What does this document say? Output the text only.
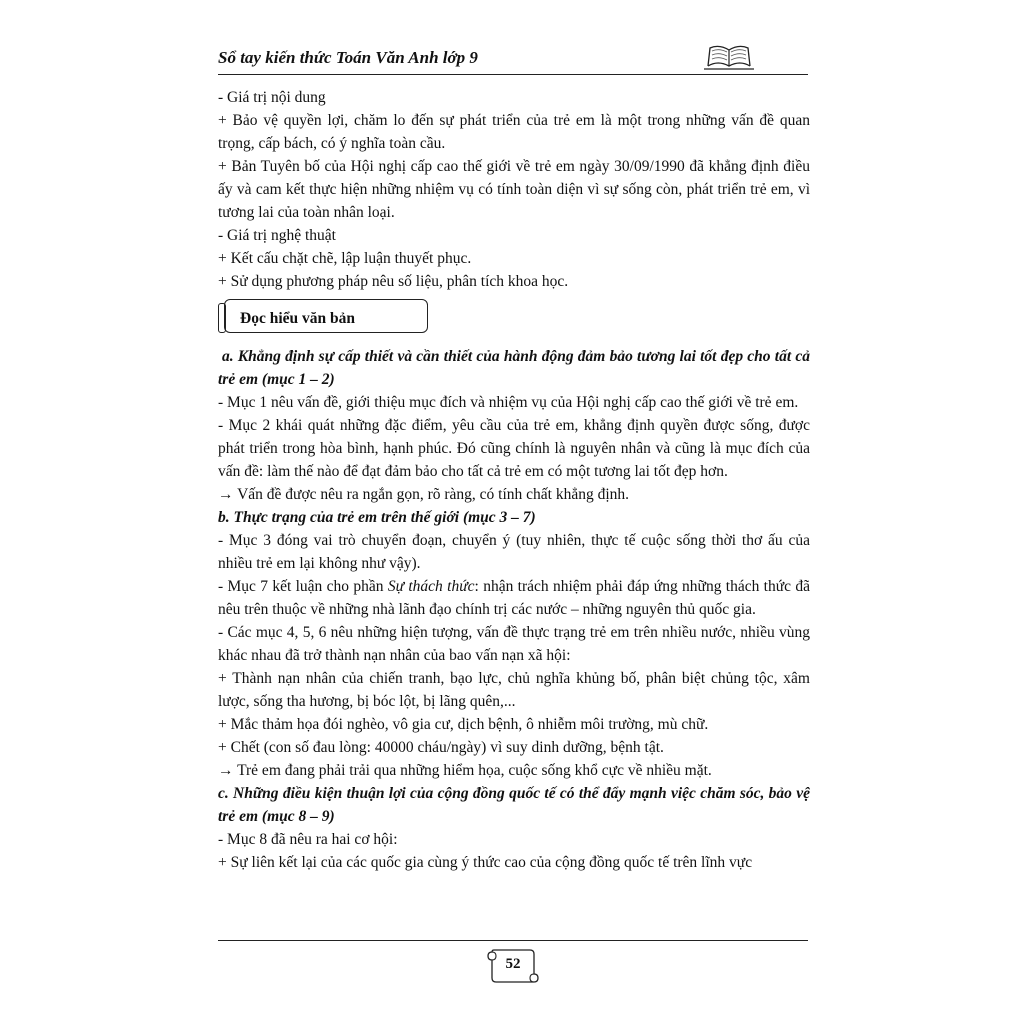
Sổ tay kiến thức Toán Văn Anh lớp 9

- Giá trị nội dung

+ Bảo vệ quyền lợi, chăm lo đến sự phát triển của trẻ em là một trong những vấn đề quan trọng, cấp bách, có ý nghĩa toàn cầu.

+ Bản Tuyên bố của Hội nghị cấp cao thế giới về trẻ em ngày 30/09/1990 đã khẳng định điều ấy và cam kết thực hiện những nhiệm vụ có tính toàn diện vì sự sống còn, phát triển trẻ em, vì tương lai của toàn nhân loại.

- Giá trị nghệ thuật

+ Kết cấu chặt chẽ, lập luận thuyết phục.

+ Sử dụng phương pháp nêu số liệu, phân tích khoa học.

Đọc hiểu văn bản

a. Khẳng định sự cấp thiết và cần thiết của hành động đảm bảo tương lai tốt đẹp cho tất cả trẻ em (mục 1 – 2)

- Mục 1 nêu vấn đề, giới thiệu mục đích và nhiệm vụ của Hội nghị cấp cao thế giới về trẻ em.

- Mục 2 khái quát những đặc điểm, yêu cầu của trẻ em, khẳng định quyền được sống, được phát triển trong hòa bình, hạnh phúc. Đó cũng chính là nguyên nhân và cũng là mục đích của vấn đề: làm thế nào để đạt đảm bảo cho tất cả trẻ em có một tương lai tốt đẹp hơn.

→ Vấn đề được nêu ra ngắn gọn, rõ ràng, có tính chất khẳng định.

b. Thực trạng của trẻ em trên thế giới (mục 3 – 7)

- Mục 3 đóng vai trò chuyển đoạn, chuyển ý (tuy nhiên, thực tế cuộc sống thời thơ ấu của nhiều trẻ em lại không như vậy).

- Mục 7 kết luận cho phần Sự thách thức: nhận trách nhiệm phải đáp ứng những thách thức đã nêu trên thuộc về những nhà lãnh đạo chính trị các nước – những nguyên thủ quốc gia.

- Các mục 4, 5, 6 nêu những hiện tượng, vấn đề thực trạng trẻ em trên nhiều nước, nhiều vùng khác nhau đã trở thành nạn nhân của bao vấn nạn xã hội:

+ Thành nạn nhân của chiến tranh, bạo lực, chủ nghĩa khủng bố, phân biệt chủng tộc, xâm lược, sống tha hương, bị bóc lột, bị lãng quên,...

+ Mắc thảm họa đói nghèo, vô gia cư, dịch bệnh, ô nhiễm môi trường, mù chữ.

+ Chết (con số đau lòng: 40000 cháu/ngày) vì suy dinh dưỡng, bệnh tật.

→ Trẻ em đang phải trải qua những hiểm họa, cuộc sống khổ cực về nhiều mặt.

c. Những điều kiện thuận lợi của cộng đồng quốc tế có thể đẩy mạnh việc chăm sóc, bảo vệ trẻ em (mục 8 – 9)

- Mục 8 đã nêu ra hai cơ hội:

+ Sự liên kết lại của các quốc gia cùng ý thức cao của cộng đồng quốc tế trên lĩnh vực

52
